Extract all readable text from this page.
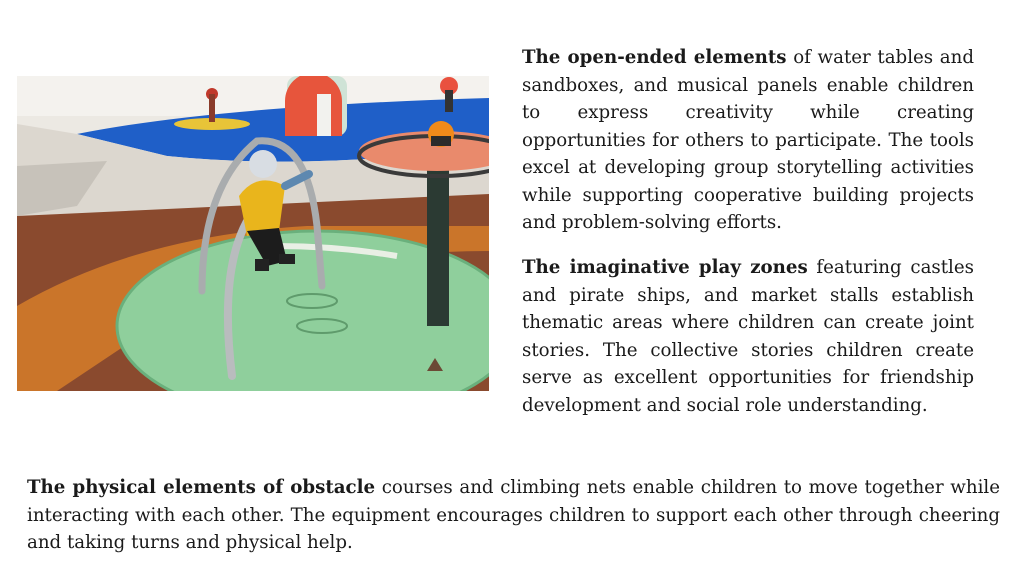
The open-ended elements of water tables and sandboxes, and musical panels enable children to express creativity while creating opportunities for others to participate. The tools excel at developing group storytelling activities while supporting cooperative building projects and problem-solving efforts.

The imaginative play zones featuring castles and pirate ships, and market stalls establish thematic areas where children can create joint stories. The collective stories children create serve as excellent opportunities for friendship development and social role understanding.

The physical elements of obstacle courses and climbing nets enable children to move together while interacting with each other. The equipment encourages children to support each other through cheering and taking turns and physical help.
